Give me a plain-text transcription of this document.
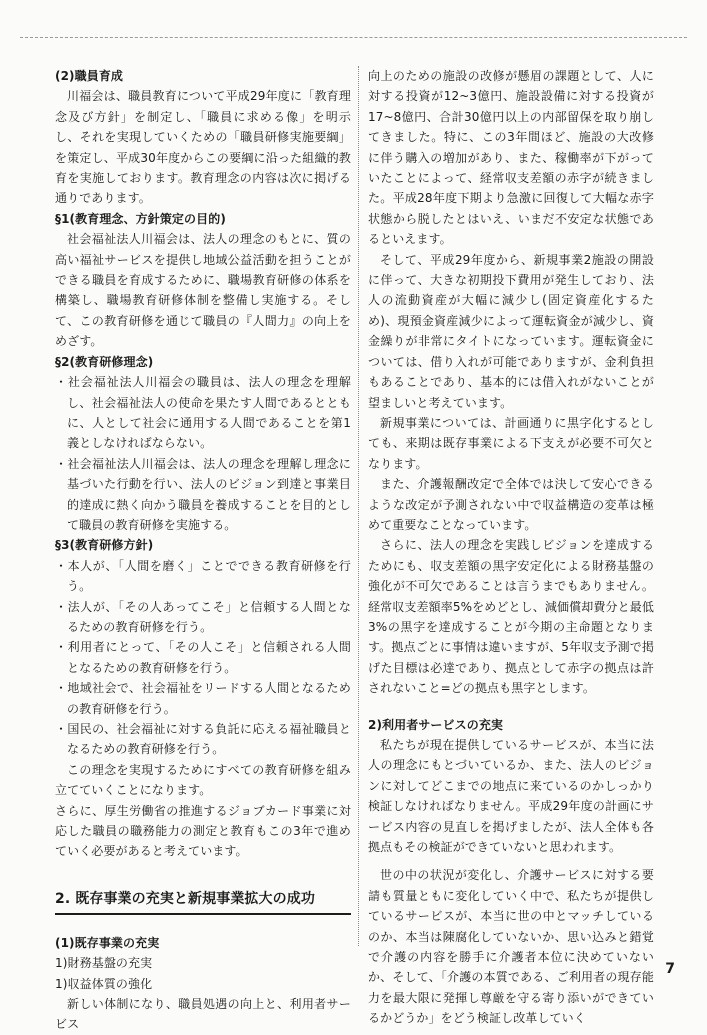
(2)職員育成

川福会は、職員教育について平成29年度に「教育理念及び方針」を制定し、「職員に求める像」を明示し、それを実現していくための「職員研修実施要綱」を策定し、平成30年度からこの要綱に沿った組織的教育を実施しております。教育理念の内容は次に掲げる通りであります。

§1(教育理念、方針策定の目的)

社会福祉法人川福会は、法人の理念のもとに、質の高い福祉サービスを提供し地域公益活動を担うことができる職員を育成するために、職場教育研修の体系を構築し、職場教育研修体制を整備し実施する。そして、この教育研修を通じて職員の『人間力』の向上をめざす。

§2(教育研修理念)

・社会福祉法人川福会の職員は、法人の理念を理解し、社会福祉法人の使命を果たす人間であるとともに、人として社会に通用する人間であることを第1義としなければならない。

・社会福祉法人川福会は、法人の理念を理解し理念に基づいた行動を行い、法人のビジョン到達と事業目的達成に熱く向かう職員を養成することを目的として職員の教育研修を実施する。

§3(教育研修方針)

・本人が、「人間を磨く」ことでできる教育研修を行う。

・法人が、「その人あってこそ」と信頼する人間となるための教育研修を行う。

・利用者にとって、「その人こそ」と信頼される人間となるための教育研修を行う。

・地域社会で、社会福祉をリードする人間となるための教育研修を行う。

・国民の、社会福祉に対する負託に応える福祉職員となるための教育研修を行う。

この理念を実現するためにすべての教育研修を組み立てていくことになります。

さらに、厚生労働省の推進するジョブカード事業に対応した職員の職務能力の測定と教育もこの3年で進めていく必要があると考えています。

2. 既存事業の充実と新規事業拡大の成功

(1)既存事業の充実

1)財務基盤の充実

1)収益体質の強化

新しい体制になり、職員処遇の向上と、利用者サービス

向上のための施設の改修が懸眉の課題として、人に対する投資が12~3億円、施設設備に対する投資が17~8億円、合計30億円以上の内部留保を取り崩してきました。特に、この3年間ほど、施設の大改修に伴う購入の増加があり、また、稼働率が下がっていたことによって、経常収支差額の赤字が続きました。平成28年度下期より急激に回復して大幅な赤字状態から脱したとはいえ、いまだ不安定な状態であるといえます。

そして、平成29年度から、新規事業2施設の開設に伴って、大きな初期投下費用が発生しており、法人の流動資産が大幅に減少し(固定資産化するため)、現預金資産減少によって運転資金が減少し、資金繰りが非常にタイトになっています。運転資金については、借り入れが可能でありますが、金利負担もあることであり、基本的には借入れがないことが望ましいと考えています。

新規事業については、計画通りに黒字化するとしても、来期は既存事業による下支えが必要不可欠となります。

また、介護報酬改定で全体では決して安心できるような改定が予測されない中で収益構造の変革は極めて重要なことなっています。

さらに、法人の理念を実践しビジョンを達成するためにも、収支差額の黒字安定化による財務基盤の強化が不可欠であることは言うまでもありません。経常収支差額率5%をめどとし、減価償却費分と最低3%の黒字を達成することが今期の主命題となります。拠点ごとに事情は違いますが、5年収支予測で掲げた目標は必達であり、拠点として赤字の拠点は許されないこと=どの拠点も黒字とします。

2)利用者サービスの充実

私たちが現在提供しているサービスが、本当に法人の理念にもとづいているか、また、法人のビジョンに対してどこまでの地点に来ているのかしっかり検証しなければなりません。平成29年度の計画にサービス内容の見直しを掲げましたが、法人全体も各拠点もその検証ができていないと思われます。

世の中の状況が変化し、介護サービスに対する要請も質量ともに変化していく中で、私たちが提供しているサービスが、本当に世の中とマッチしているのか、本当は陳腐化していないか、思い込みと錯覚で介護の内容を勝手に介護者本位に決めていないか、そして、「介護の本質である、ご利用者の現存能力を最大限に発揮し尊厳を守る寄り添いができているかどうか」をどう検証し改革していく

7
